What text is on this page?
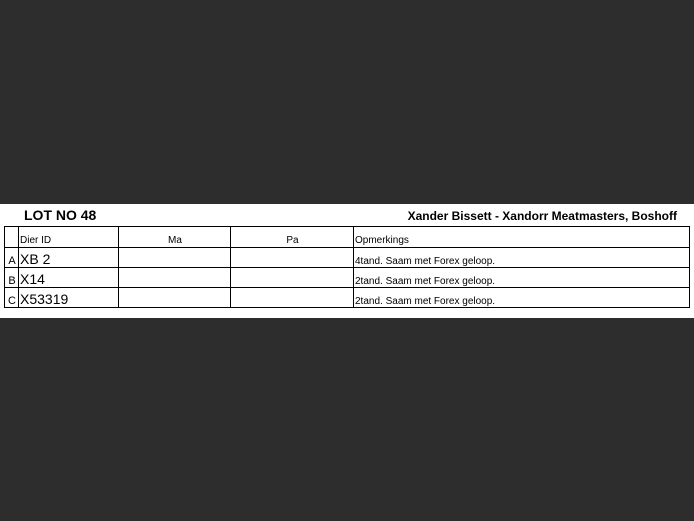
LOT NO 48	Xander Bissett - Xandorr Meatmasters, Boshoff
	Dier ID	Ma	Pa	Opmerkings
A	XB 2			4tand. Saam met Forex geloop.
B	X14			2tand. Saam met Forex geloop.
C	X53319			2tand. Saam met Forex geloop.
